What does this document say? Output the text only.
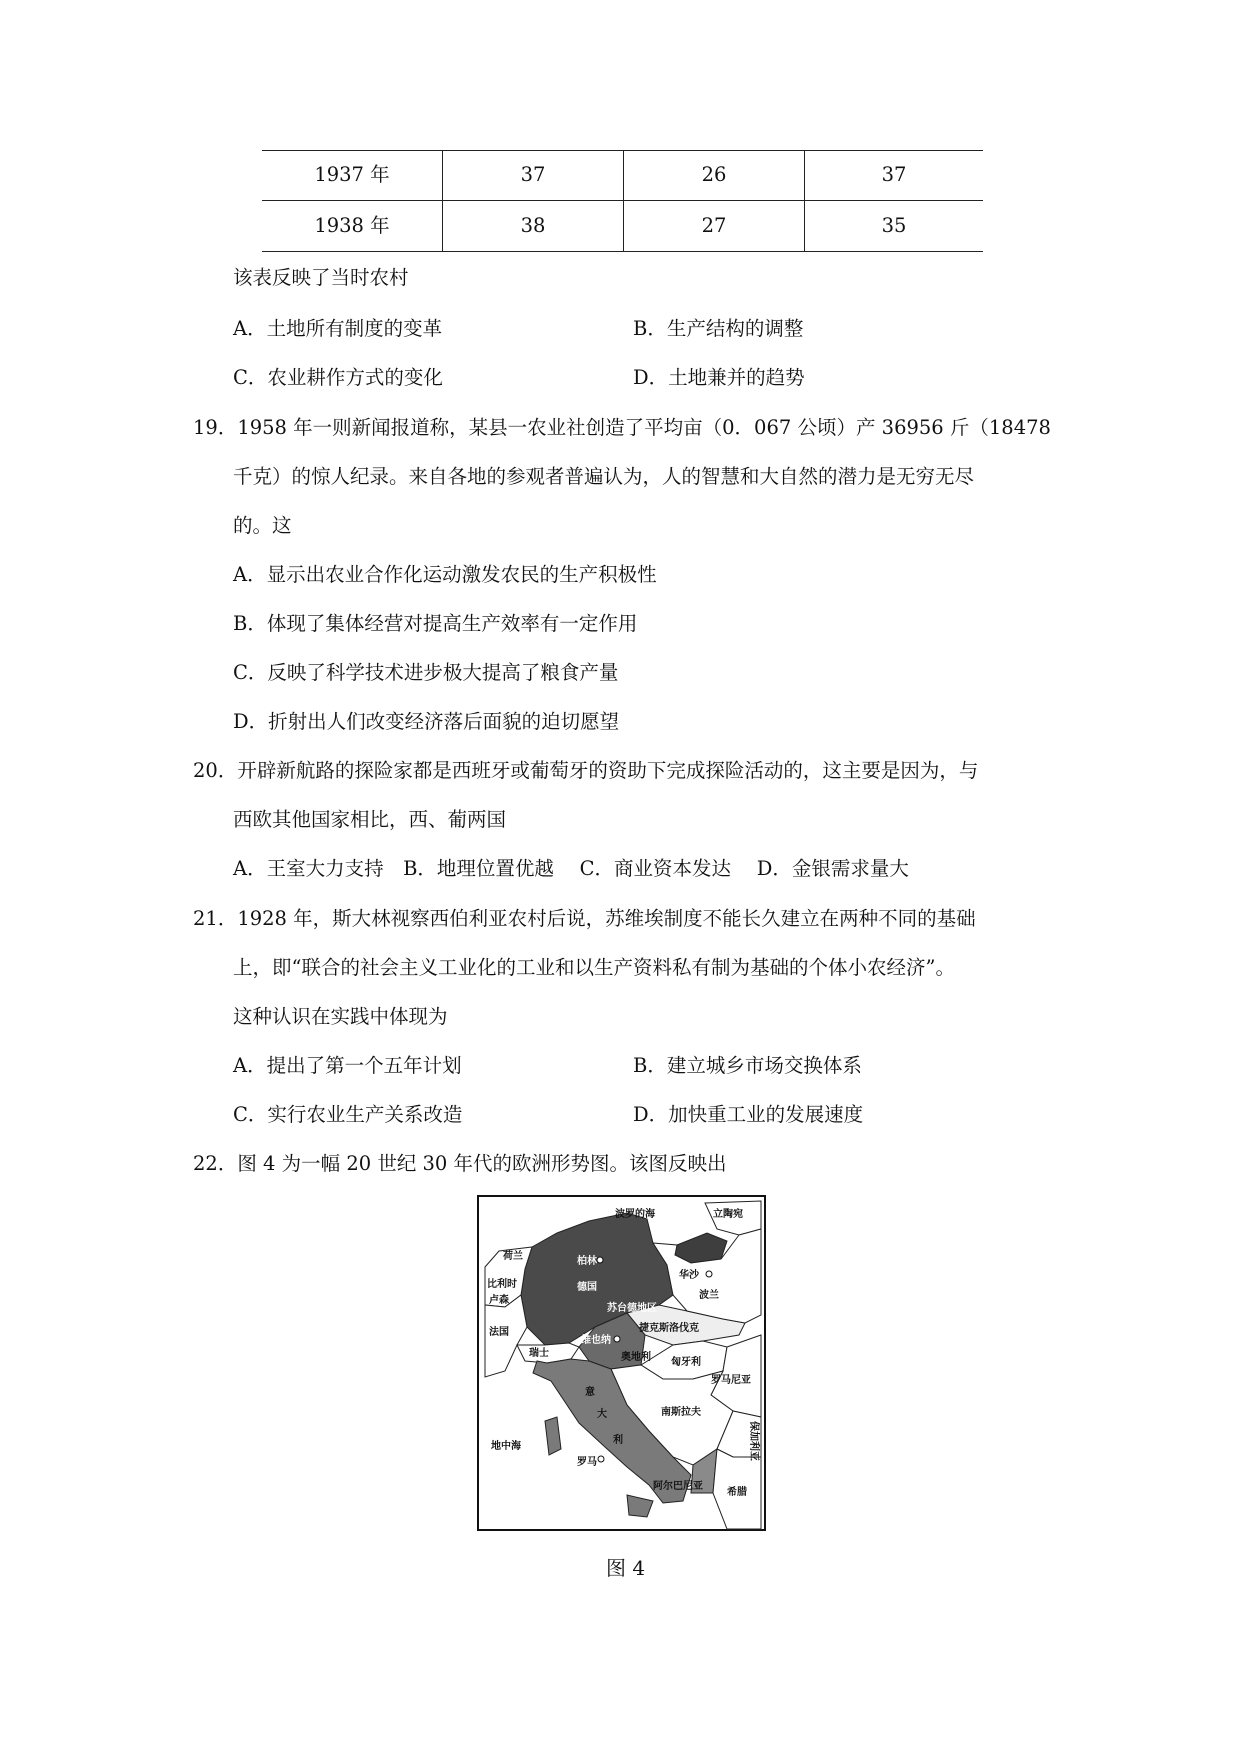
1937 年	37	26	37
1938 年	38	27	35
该表反映了当时农村
A．土地所有制度的变革	B．生产结构的调整
C．农业耕作方式的变化	D．土地兼并的趋势
19．1958 年一则新闻报道称，某县一农业社创造了平均亩（0．067 公顷）产 36956 斤（18478
千克）的惊人纪录。来自各地的参观者普遍认为，人的智慧和大自然的潜力是无穷无尽
的。这
A．显示出农业合作化运动激发农民的生产积极性
B．体现了集体经营对提高生产效率有一定作用
C．反映了科学技术进步极大提高了粮食产量
D．折射出人们改变经济落后面貌的迫切愿望
20．开辟新航路的探险家都是西班牙或葡萄牙的资助下完成探险活动的，这主要是因为，与
西欧其他国家相比，西、葡两国
A．王室大力支持　B．地理位置优越　 C．商业资本发达　 D．金银需求量大
21．1928 年，斯大林视察西伯利亚农村后说，苏维埃制度不能长久建立在两种不同的基础
上，即“联合的社会主义工业化的工业和以生产资料私有制为基础的个体小农经济”。
这种认识在实践中体现为
A．提出了第一个五年计划	B．建立城乡市场交换体系
C．实行农业生产关系改造	D．加快重工业的发展速度
22．图 4 为一幅 20 世纪 30 年代的欧洲形势图。该图反映出
波罗的海	立陶宛
荷兰	柏林
华沙
德国
比利时
卢森	波兰
苏台德地区
捷克斯洛伐克
维也纳
奥地利
法国
瑞士
匈牙利
罗马尼亚
南斯拉夫
意
大
利
地中海
罗马
保加利亚
阿尔巴尼亚
希腊
图 4
